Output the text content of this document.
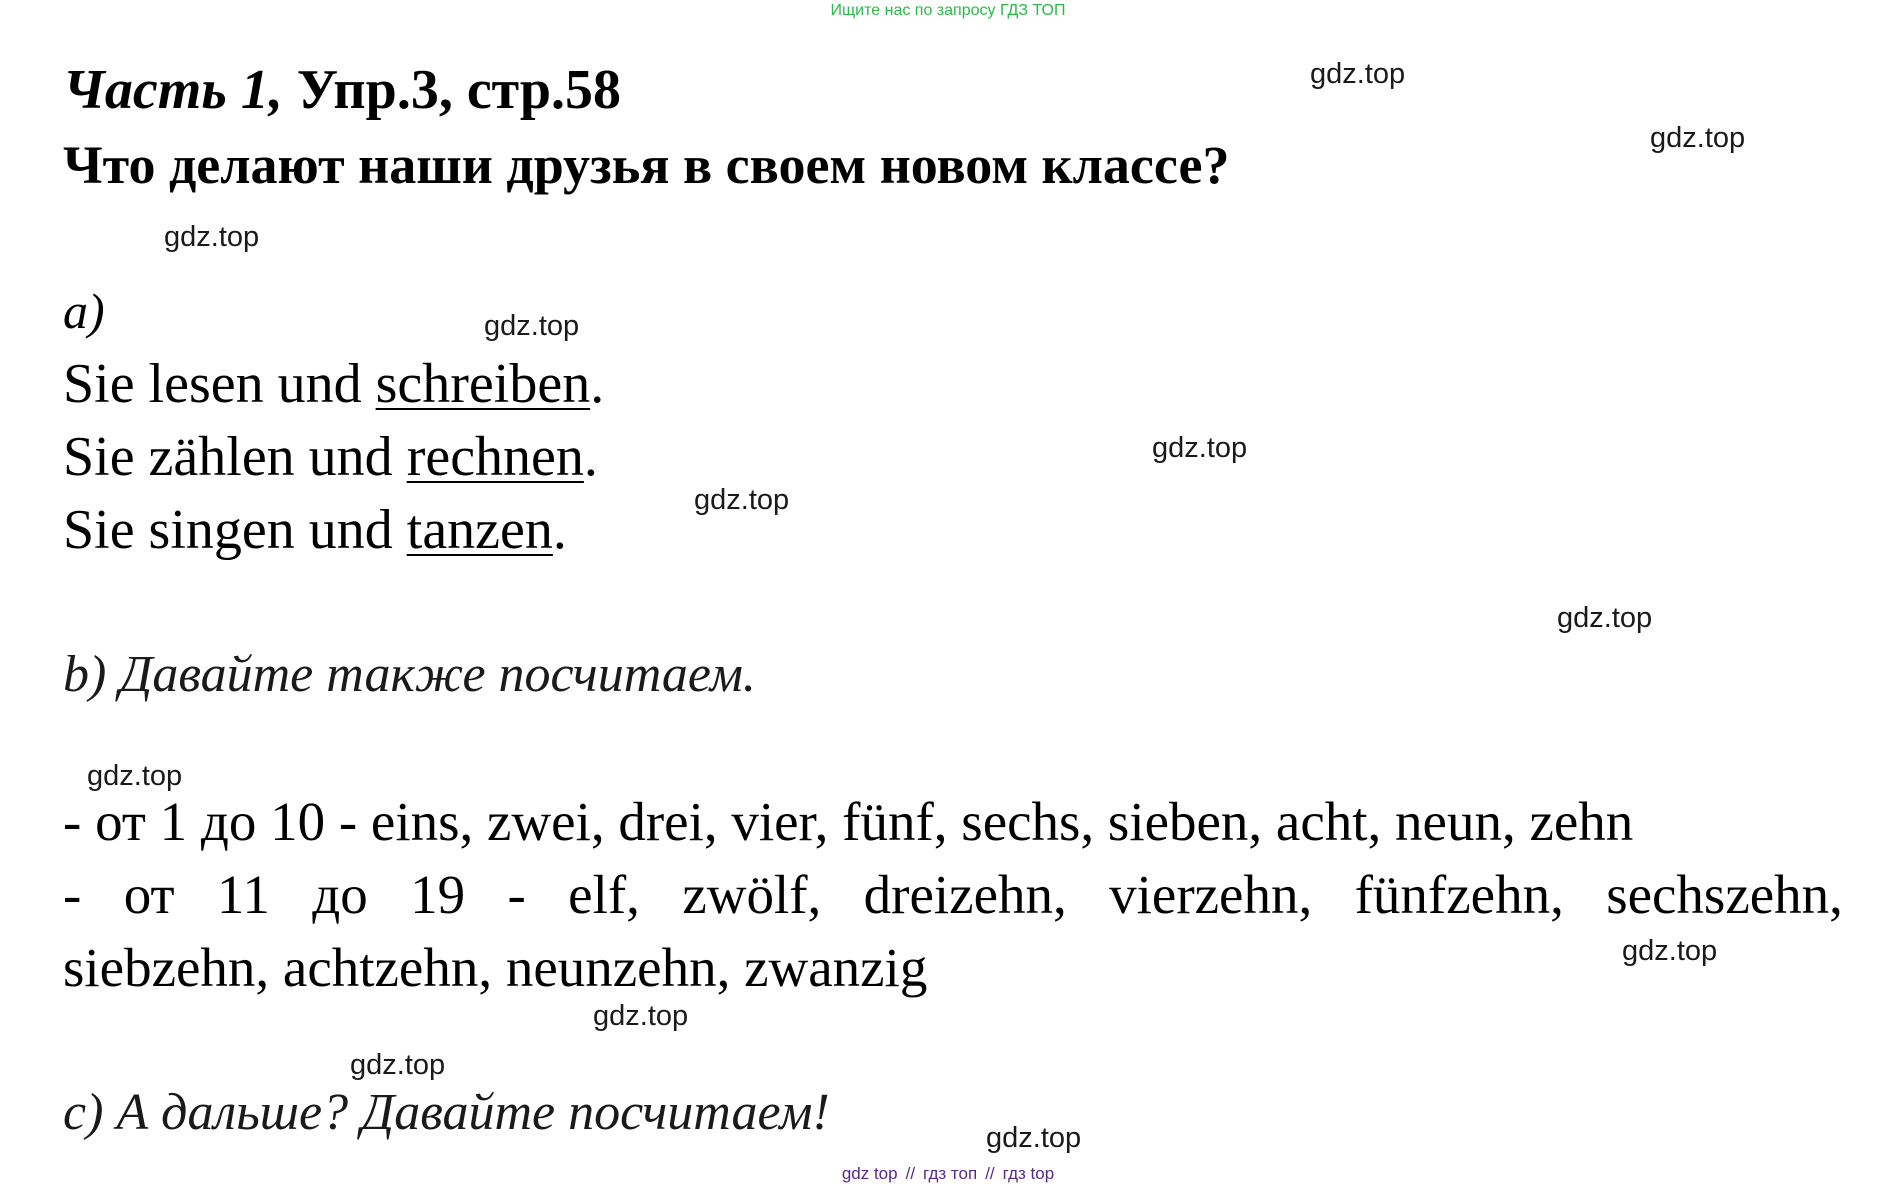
Ищите нас по запросу ГДЗ ТОП
Часть 1, Упр.3, стр.58
Что делают наши друзья в своем новом классе?
a)
Sie lesen und schreiben.
Sie zählen und rechnen.
Sie singen und tanzen.
b) Давайте также посчитаем.
- от 1 до 10 - eins, zwei, drei, vier, fünf, sechs, sieben, acht, neun, zehn
- от 11 до 19 - elf, zwölf, dreizehn, vierzehn, fünfzehn, sechszehn,
siebzehn, achtzehn, neunzehn, zwanzig
c) А дальше? Давайте посчитаем!
gdz.top
gdz.top
gdz.top
gdz.top
gdz.top
gdz.top
gdz.top
gdz.top
gdz.top
gdz.top
gdz.top
gdz.top
gdz top // гдз топ // гдз top
